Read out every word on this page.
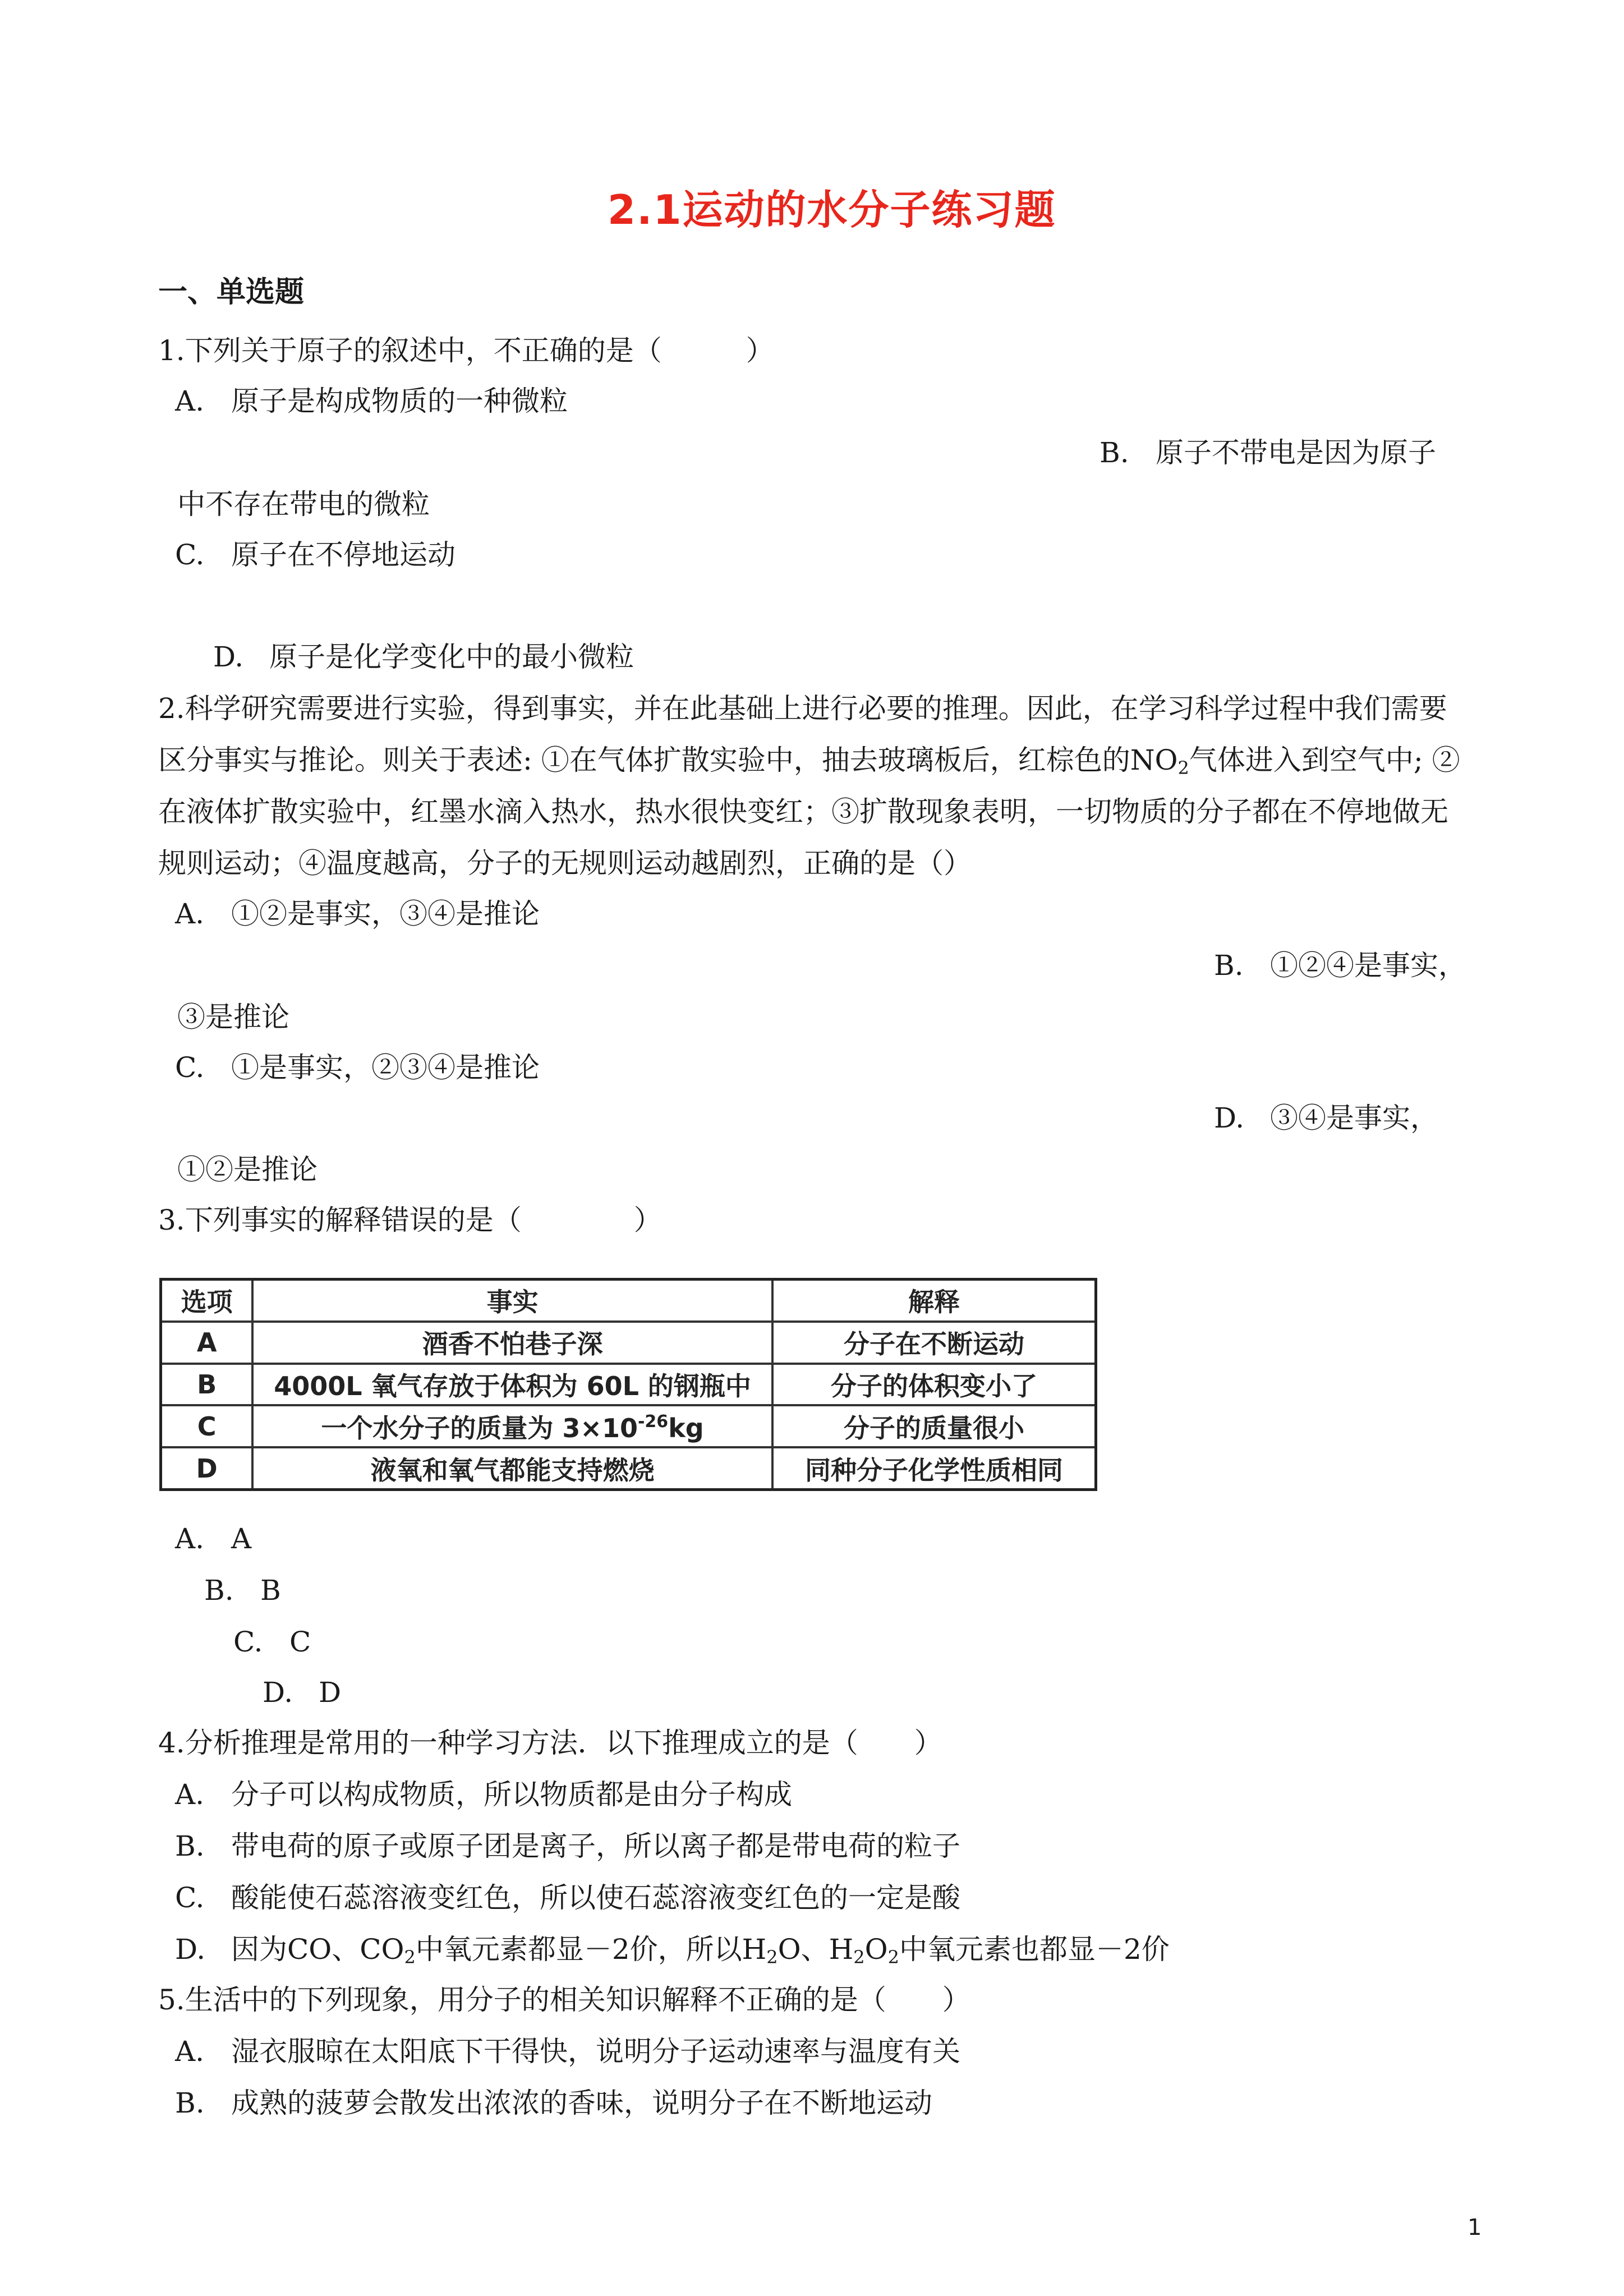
2.1运动的水分子练习题
一、单选题
1.下列关于原子的叙述中，不正确的是（　　　）
A. 原子是构成物质的一种微粒
B. 原子不带电是因为原子
中不存在带电的微粒
C. 原子在不停地运动
D. 原子是化学变化中的最小微粒
2.科学研究需要进行实验，得到事实，并在此基础上进行必要的推理。因此，在学习科学过程中我们需要
区分事实与推论。则关于表述: ①在气体扩散实验中，抽去玻璃板后，红棕色的$NO_2$气体进入到空气中; ②
在液体扩散实验中，红墨水滴入热水，热水很快变红；③扩散现象表明，一切物质的分子都在不停地做无
规则运动；④温度越高，分子的无规则运动越剧烈，正确的是（）
A. ①②是事实，③④是推论
B. ①②④是事实，
③是推论
C. ①是事实，②③④是推论
D. ③④是事实，
①②是推论
3.下列事实的解释错误的是（　　　　）
选项	事实	解释
A	酒香不怕巷子深	分子在不断运动
B	4000L 氧气存放于体积为 60L 的钢瓶中	分子的体积变小了
C	一个水分子的质量为 $3\times 10^{-26}kg$	分子的质量很小
D	液氧和氧气都能支持燃烧	同种分子化学性质相同
A. A
B. B
C. C
D. D
4.分析推理是常用的一种学习方法．以下推理成立的是（　　）
A. 分子可以构成物质，所以物质都是由分子构成
B. 带电荷的原子或原子团是离子，所以离子都是带电荷的粒子
C. 酸能使石蕊溶液变红色，所以使石蕊溶液变红色的一定是酸
D. 因为CO、$CO_2$中氧元素都显－2价，所以$H_2O$、$H_2O_2$中氧元素也都显－2价
5.生活中的下列现象，用分子的相关知识解释不正确的是（　　）
A. 湿衣服晾在太阳底下干得快，说明分子运动速率与温度有关
B. 成熟的菠萝会散发出浓浓的香味，说明分子在不断地运动
1
